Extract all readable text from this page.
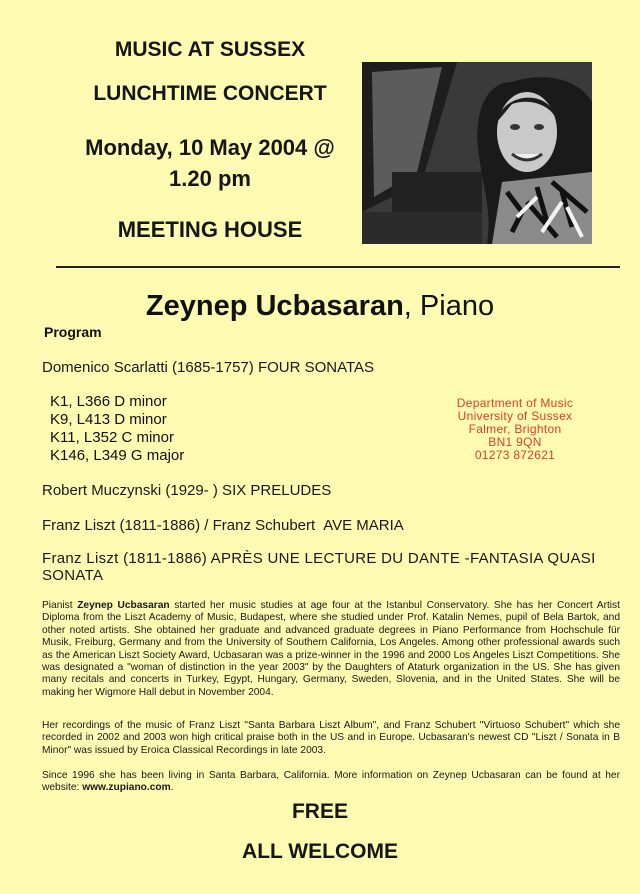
MUSIC AT SUSSEX
LUNCHTIME CONCERT
Monday, 10 May 2004 @
1.20 pm
MEETING HOUSE
Zeynep Ucbasaran, Piano
Program
Domenico Scarlatti (1685-1757) FOUR SONATAS
K1, L366 D minor
K9, L413 D minor
K11, L352 C minor
K146, L349 G major
Department of Music
University of Sussex
Falmer, Brighton
BN1 9QN
01273 872621
Robert Muczynski (1929- ) SIX PRELUDES
Franz Liszt (1811-1886) / Franz Schubert AVE MARIA
Franz Liszt (1811-1886) APRÈS UNE LECTURE DU DANTE -FANTASIA QUASI SONATA
Pianist Zeynep Ucbasaran started her music studies at age four at the Istanbul Conservatory. She has her Concert Artist Diploma from the Liszt Academy of Music, Budapest, where she studied under Prof. Katalin Nemes, pupil of Bela Bartok, and other noted artists. She obtained her graduate and advanced graduate degrees in Piano Performance from Hochschule für Musik, Freiburg, Germany and from the University of Southern California, Los Angeles. Among other professional awards such as the American Liszt Society Award, Ucbasaran was a prize-winner in the 1996 and 2000 Los Angeles Liszt Competitions. She was designated a "woman of distinction in the year 2003" by the Daughters of Ataturk organization in the US. She has given many recitals and concerts in Turkey, Egypt, Hungary, Germany, Sweden, Slovenia, and in the United States. She will be making her Wigmore Hall debut in November 2004.
Her recordings of the music of Franz Liszt "Santa Barbara Liszt Album", and Franz Schubert "Virtuoso Schubert" which she recorded in 2002 and 2003 won high critical praise both in the US and in Europe. Ucbasaran's newest CD "Liszt / Sonata in B Minor" was issued by Eroica Classical Recordings in late 2003.
Since 1996 she has been living in Santa Barbara, California. More information on Zeynep Ucbasaran can be found at her website: www.zupiano.com.
FREE
ALL WELCOME
